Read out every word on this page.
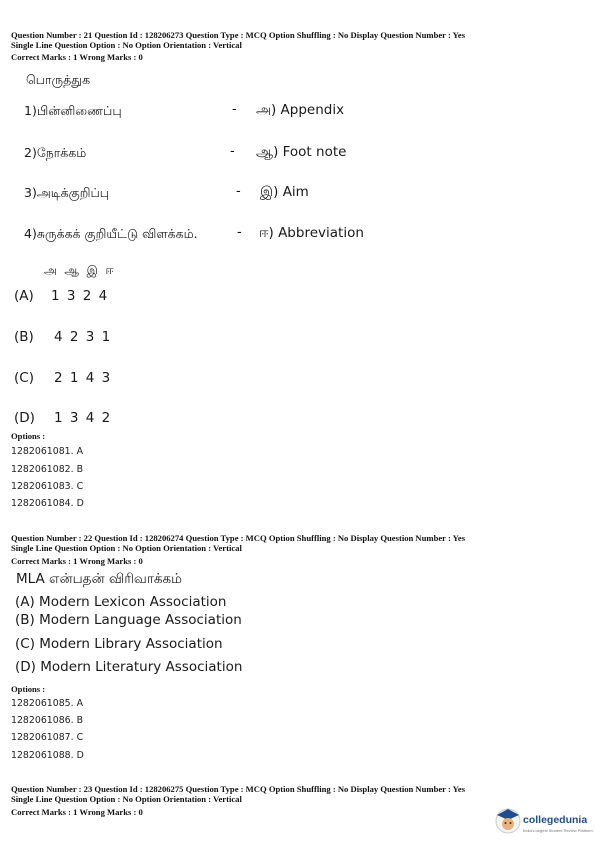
Question Number : 21 Question Id : 128206273 Question Type : MCQ Option Shuffling : No Display Question Number : Yes
Single Line Question Option : No Option Orientation : Vertical
Correct Marks : 1 Wrong Marks : 0
பொருத்துக
1)பின்னிணைப்பு
2)நோக்கம்
3)அடிக்குறிப்பு
4)சுருக்கக் குறியீட்டு விளக்கம்.
-
-
-
-
அ) Appendix
ஆ) Foot note
இ) Aim
ஈ) Abbreviation
அ ஆ இ ஈ
(A) 1 3 2 4
(B) 4 2 3 1
(C) 2 1 4 3
(D) 1 3 4 2
Options :
1282061081. A
1282061082. B
1282061083. C
1282061084. D
Question Number : 22 Question Id : 128206274 Question Type : MCQ Option Shuffling : No Display Question Number : Yes
Single Line Question Option : No Option Orientation : Vertical
Correct Marks : 1 Wrong Marks : 0
MLA என்பதன் விரிவாக்கம்
(A) Modern Lexicon Association
(B) Modern Language Association
(C) Modern Library Association
(D) Modern Literatury Association
Options :
1282061085. A
1282061086. B
1282061087. C
1282061088. D
Question Number : 23 Question Id : 128206275 Question Type : MCQ Option Shuffling : No Display Question Number : Yes
Single Line Question Option : No Option Orientation : Vertical
Correct Marks : 1 Wrong Marks : 0
collegedunia
India's largest Student Review Platform
